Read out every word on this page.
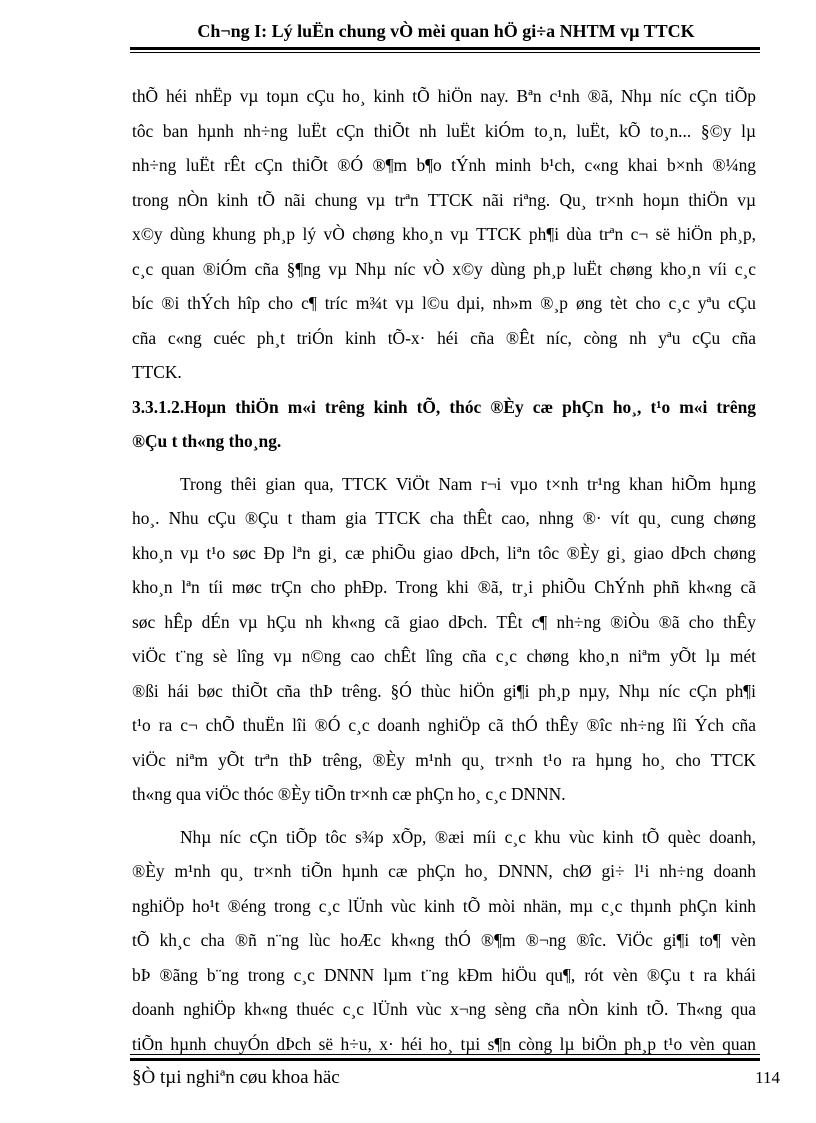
Ch¬ng I: Lý luËn chung vÒ mèi quan hÖ gi÷a NHTM vµ TTCK
thÕ héi nhËp vµ toµn cÇu ho¸ kinh tÕ hiÖn nay. Bªn c¹nh ®ã, Nhµ níc cÇn tiÕp
tôc ban hµnh nh÷ng luËt cÇn thiÕt nh luËt kiÓm to¸n, luËt, kÕ to¸n... §©y lµ
nh÷ng luËt rÊt cÇn thiÕt ®Ó ®¶m b¶o tÝnh minh b¹ch, c«ng khai b×nh ®¼ng
trong nÒn kinh tÕ nãi chung vµ trªn TTCK nãi riªng. Qu¸ tr×nh hoµn thiÖn vµ
x©y dùng khung ph¸p lý vÒ chøng kho¸n vµ TTCK ph¶i dùa trªn c¬ së hiÖn ph¸p,
c¸c quan ®iÓm cña §¶ng vµ Nhµ níc vÒ x©y dùng ph¸p luËt chøng kho¸n víi c¸c
bíc ®i thÝch hîp cho c¶ tríc m¾t vµ l©u dµi, nh»m ®¸p øng tèt cho c¸c yªu cÇu
cña c«ng cuéc ph¸t triÓn kinh tÕ-x· héi cña ®Êt níc, còng nh yªu cÇu cña
TTCK.
3.3.1.2.Hoµn thiÖn m«i trêng kinh tÕ, thóc ®Èy cæ phÇn ho¸, t¹o m«i trêng
®Çu t th«ng tho¸ng.
Trong thêi gian qua, TTCK ViÖt Nam r¬i vµo t×nh tr¹ng khan hiÕm hµng
ho¸. Nhu cÇu ®Çu t tham gia TTCK cha thÊt cao, nhng ®· vít qu¸ cung chøng
kho¸n vµ t¹o søc Ðp lªn gi¸ cæ phiÕu giao dÞch, liªn tôc ®Èy gi¸ giao dÞch chøng
kho¸n lªn tíi møc trÇn cho phÐp. Trong khi ®ã, tr¸i phiÕu ChÝnh phñ kh«ng cã
søc hÊp dÉn vµ hÇu nh kh«ng cã giao dÞch. TÊt c¶ nh÷ng ®iÒu ®ã cho thÊy
viÖc t¨ng sè lîng vµ n©ng cao chÊt lîng cña c¸c chøng kho¸n niªm yÕt lµ mét
®ßi hái bøc thiÕt cña thÞ trêng. §Ó thùc hiÖn gi¶i ph¸p nµy, Nhµ níc cÇn ph¶i
t¹o ra c¬ chÕ thuËn lîi ®Ó c¸c doanh nghiÖp cã thÓ thÊy ®îc nh÷ng lîi Ých cña
viÖc niªm yÕt trªn thÞ trêng, ®Èy m¹nh qu¸ tr×nh t¹o ra hµng ho¸ cho TTCK
th«ng qua viÖc thóc ®Èy tiÕn tr×nh cæ phÇn ho¸ c¸c DNNN.
Nhµ níc cÇn tiÕp tôc s¾p xÕp, ®æi míi c¸c khu vùc kinh tÕ quèc doanh,
®Èy m¹nh qu¸ tr×nh tiÕn hµnh cæ phÇn ho¸ DNNN, chØ gi÷ l¹i nh÷ng doanh
nghiÖp ho¹t ®éng trong c¸c lÜnh vùc kinh tÕ mòi nhän, mµ c¸c thµnh phÇn kinh
tÕ kh¸c cha ®ñ n¨ng lùc hoÆc kh«ng thÓ ®¶m ®¬ng ®îc. ViÖc gi¶i to¶ vèn
bÞ ®ãng b¨ng trong c¸c DNNN lµm t¨ng kÐm hiÖu qu¶, rót vèn ®Çu t ra khái
doanh nghiÖp kh«ng thuéc c¸c lÜnh vùc x¬ng sèng cña nÒn kinh tÕ. Th«ng qua
tiÕn hµnh chuyÓn dÞch së h÷u, x· héi ho¸ tµi s¶n còng lµ biÖn ph¸p t¹o vèn quan
§Ò tµi nghiªn cøu khoa häc	114
